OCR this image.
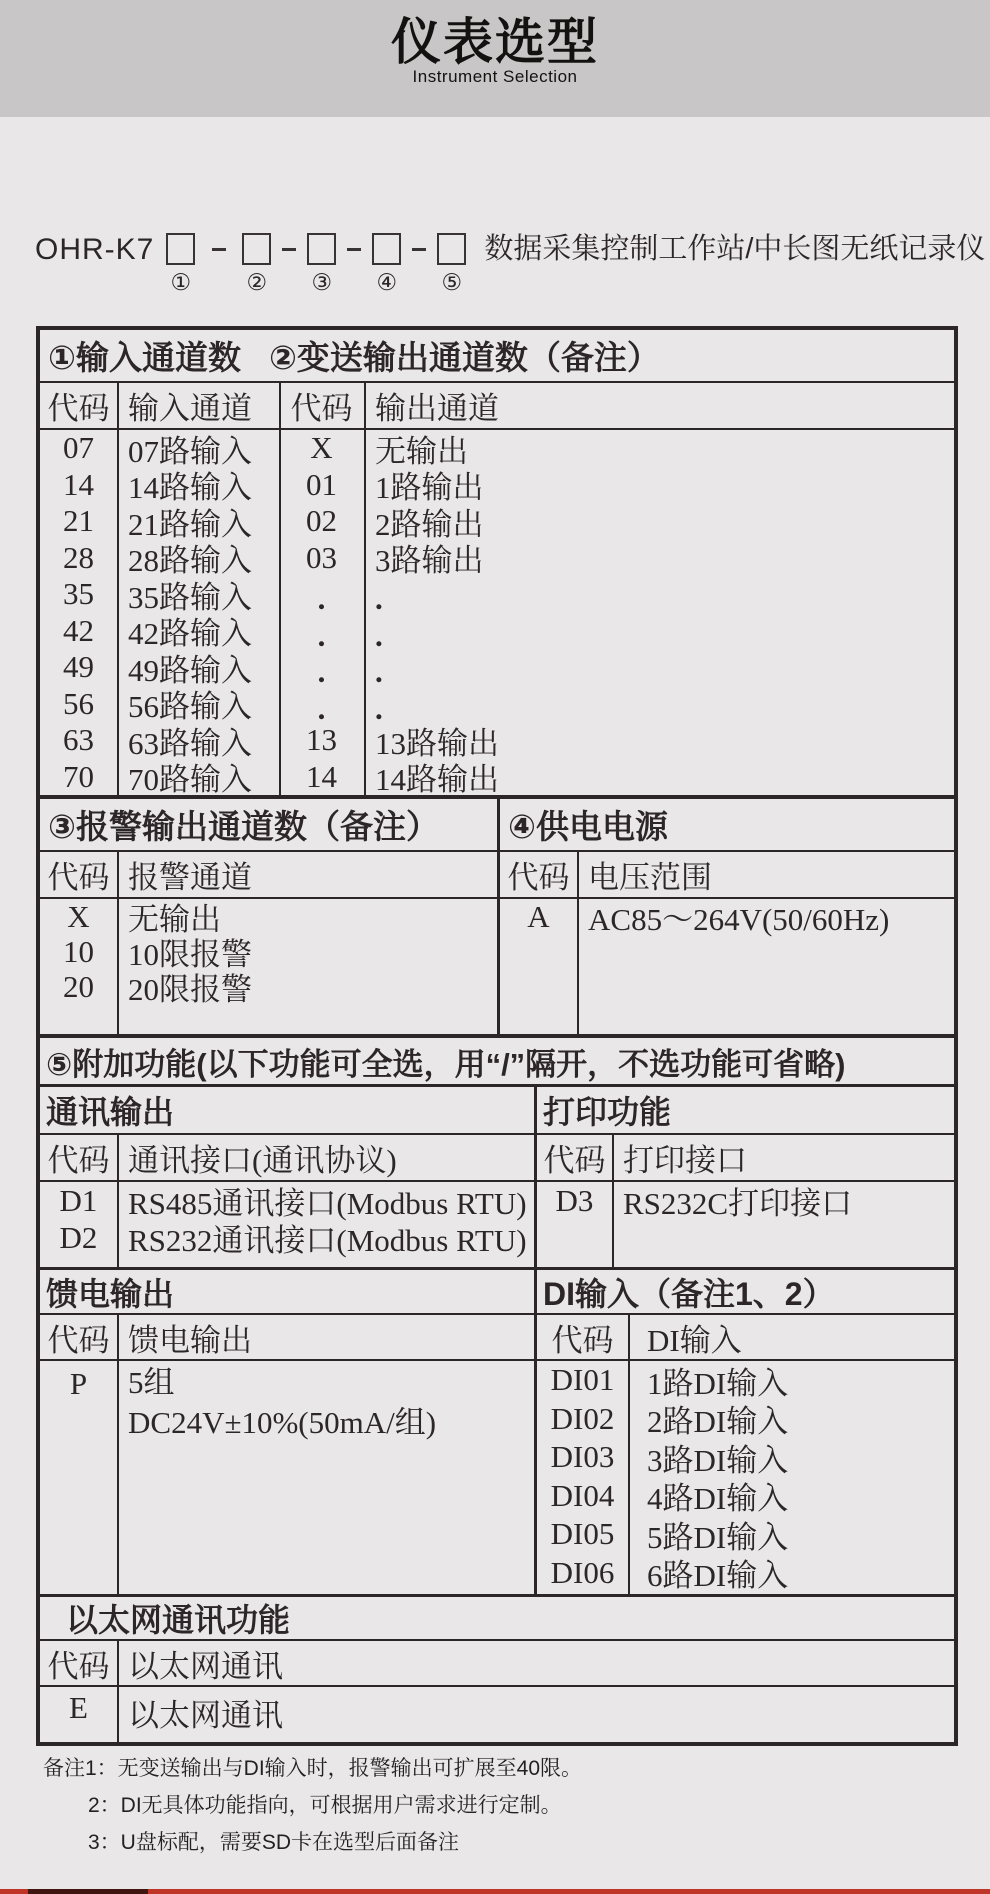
仪表选型
Instrument Selection
OHR-K7
① ② ③ ④ ⑤
数据采集控制工作站/中长图无纸记录仪
①输入通道数 ②变送输出通道数（备注）
代码 输入通道	代码 输出通道
07	07路输入	X	无输出
14	14路输入	01	1路输出
21	21路输入	02	2路输出
28	28路输入	03	3路输出
35	35路输入	.	.
42	42路输入	.	.
49	49路输入	.	.
56	56路输入	.	.
63	63路输入	13	13路输出
70	70路输入	14	14路输出
③报警输出通道数（备注）
代码 报警通道
X	无输出
10	10限报警
20	20限报警
④供电电源
代码 电压范围
A	AC85～264V(50/60Hz)
⑤附加功能(以下功能可全选，用“/”隔开，不选功能可省略)
通讯输出
代码 通讯接口(通讯协议)
D1 RS485通讯接口(Modbus RTU)
D2 RS232通讯接口(Modbus RTU)
打印功能
代码 打印接口
D3 RS232C打印接口
馈电输出
代码 馈电输出
P	5组
DC24V±10%(50mA/组)
DI输入（备注1、2）
代码	DI输入
DI01	1路DI输入
DI02	2路DI输入
DI03	3路DI输入
DI04	4路DI输入
DI05	5路DI输入
DI06	6路DI输入
以太网通讯功能
代码 以太网通讯
E	以太网通讯
备注1：无变送输出与DI输入时，报警输出可扩展至40限。
2：DI无具体功能指向，可根据用户需求进行定制。
3：U盘标配，需要SD卡在选型后面备注
